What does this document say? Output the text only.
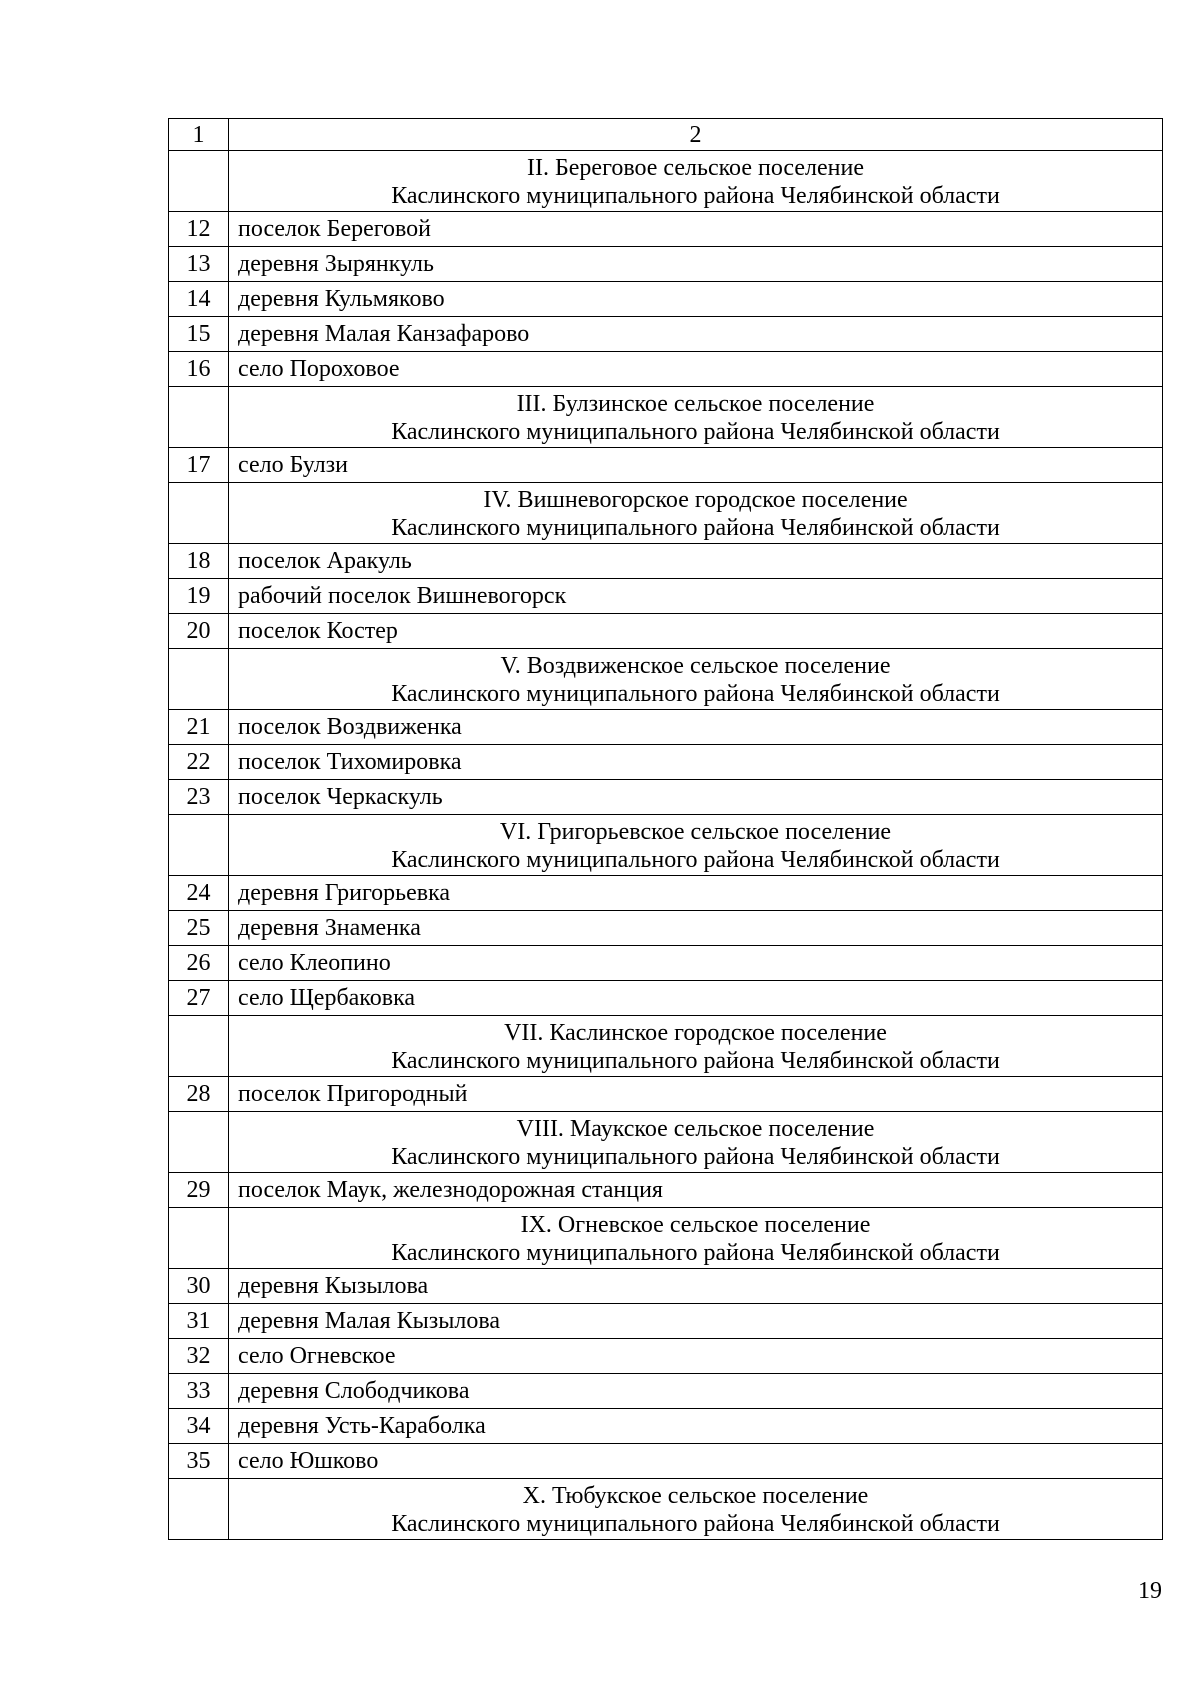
1	2

	II. Береговое сельское поселение
Каслинского муниципального района Челябинской области

12	поселок Береговой
13	деревня Зырянкуль
14	деревня Кульмяково
15	деревня Малая Канзафарово
16	село Пороховое

	III. Булзинское сельское поселение
Каслинского муниципального района Челябинской области

17	село Булзи

	IV. Вишневогорское городское поселение
Каслинского муниципального района Челябинской области

18	поселок Аракуль
19	рабочий поселок Вишневогорск
20	поселок Костер

	V. Воздвиженское сельское поселение
Каслинского муниципального района Челябинской области

21	поселок Воздвиженка
22	поселок Тихомировка
23	поселок Черкаскуль

	VI. Григорьевское сельское поселение
Каслинского муниципального района Челябинской области

24	деревня Григорьевка
25	деревня Знаменка
26	село Клеопино
27	село Щербаковка

	VII. Каслинское городское поселение
Каслинского муниципального района Челябинской области

28	поселок Пригородный

	VIII. Маукское сельское поселение
Каслинского муниципального района Челябинской области

29	поселок Маук, железнодорожная станция

	IX. Огневское сельское поселение
Каслинского муниципального района Челябинской области

30	деревня Кызылова
31	деревня Малая Кызылова
32	село Огневское
33	деревня Слободчикова
34	деревня Усть-Караболка
35	село Юшково

	X. Тюбукское сельское поселение
Каслинского муниципального района Челябинской области
19
